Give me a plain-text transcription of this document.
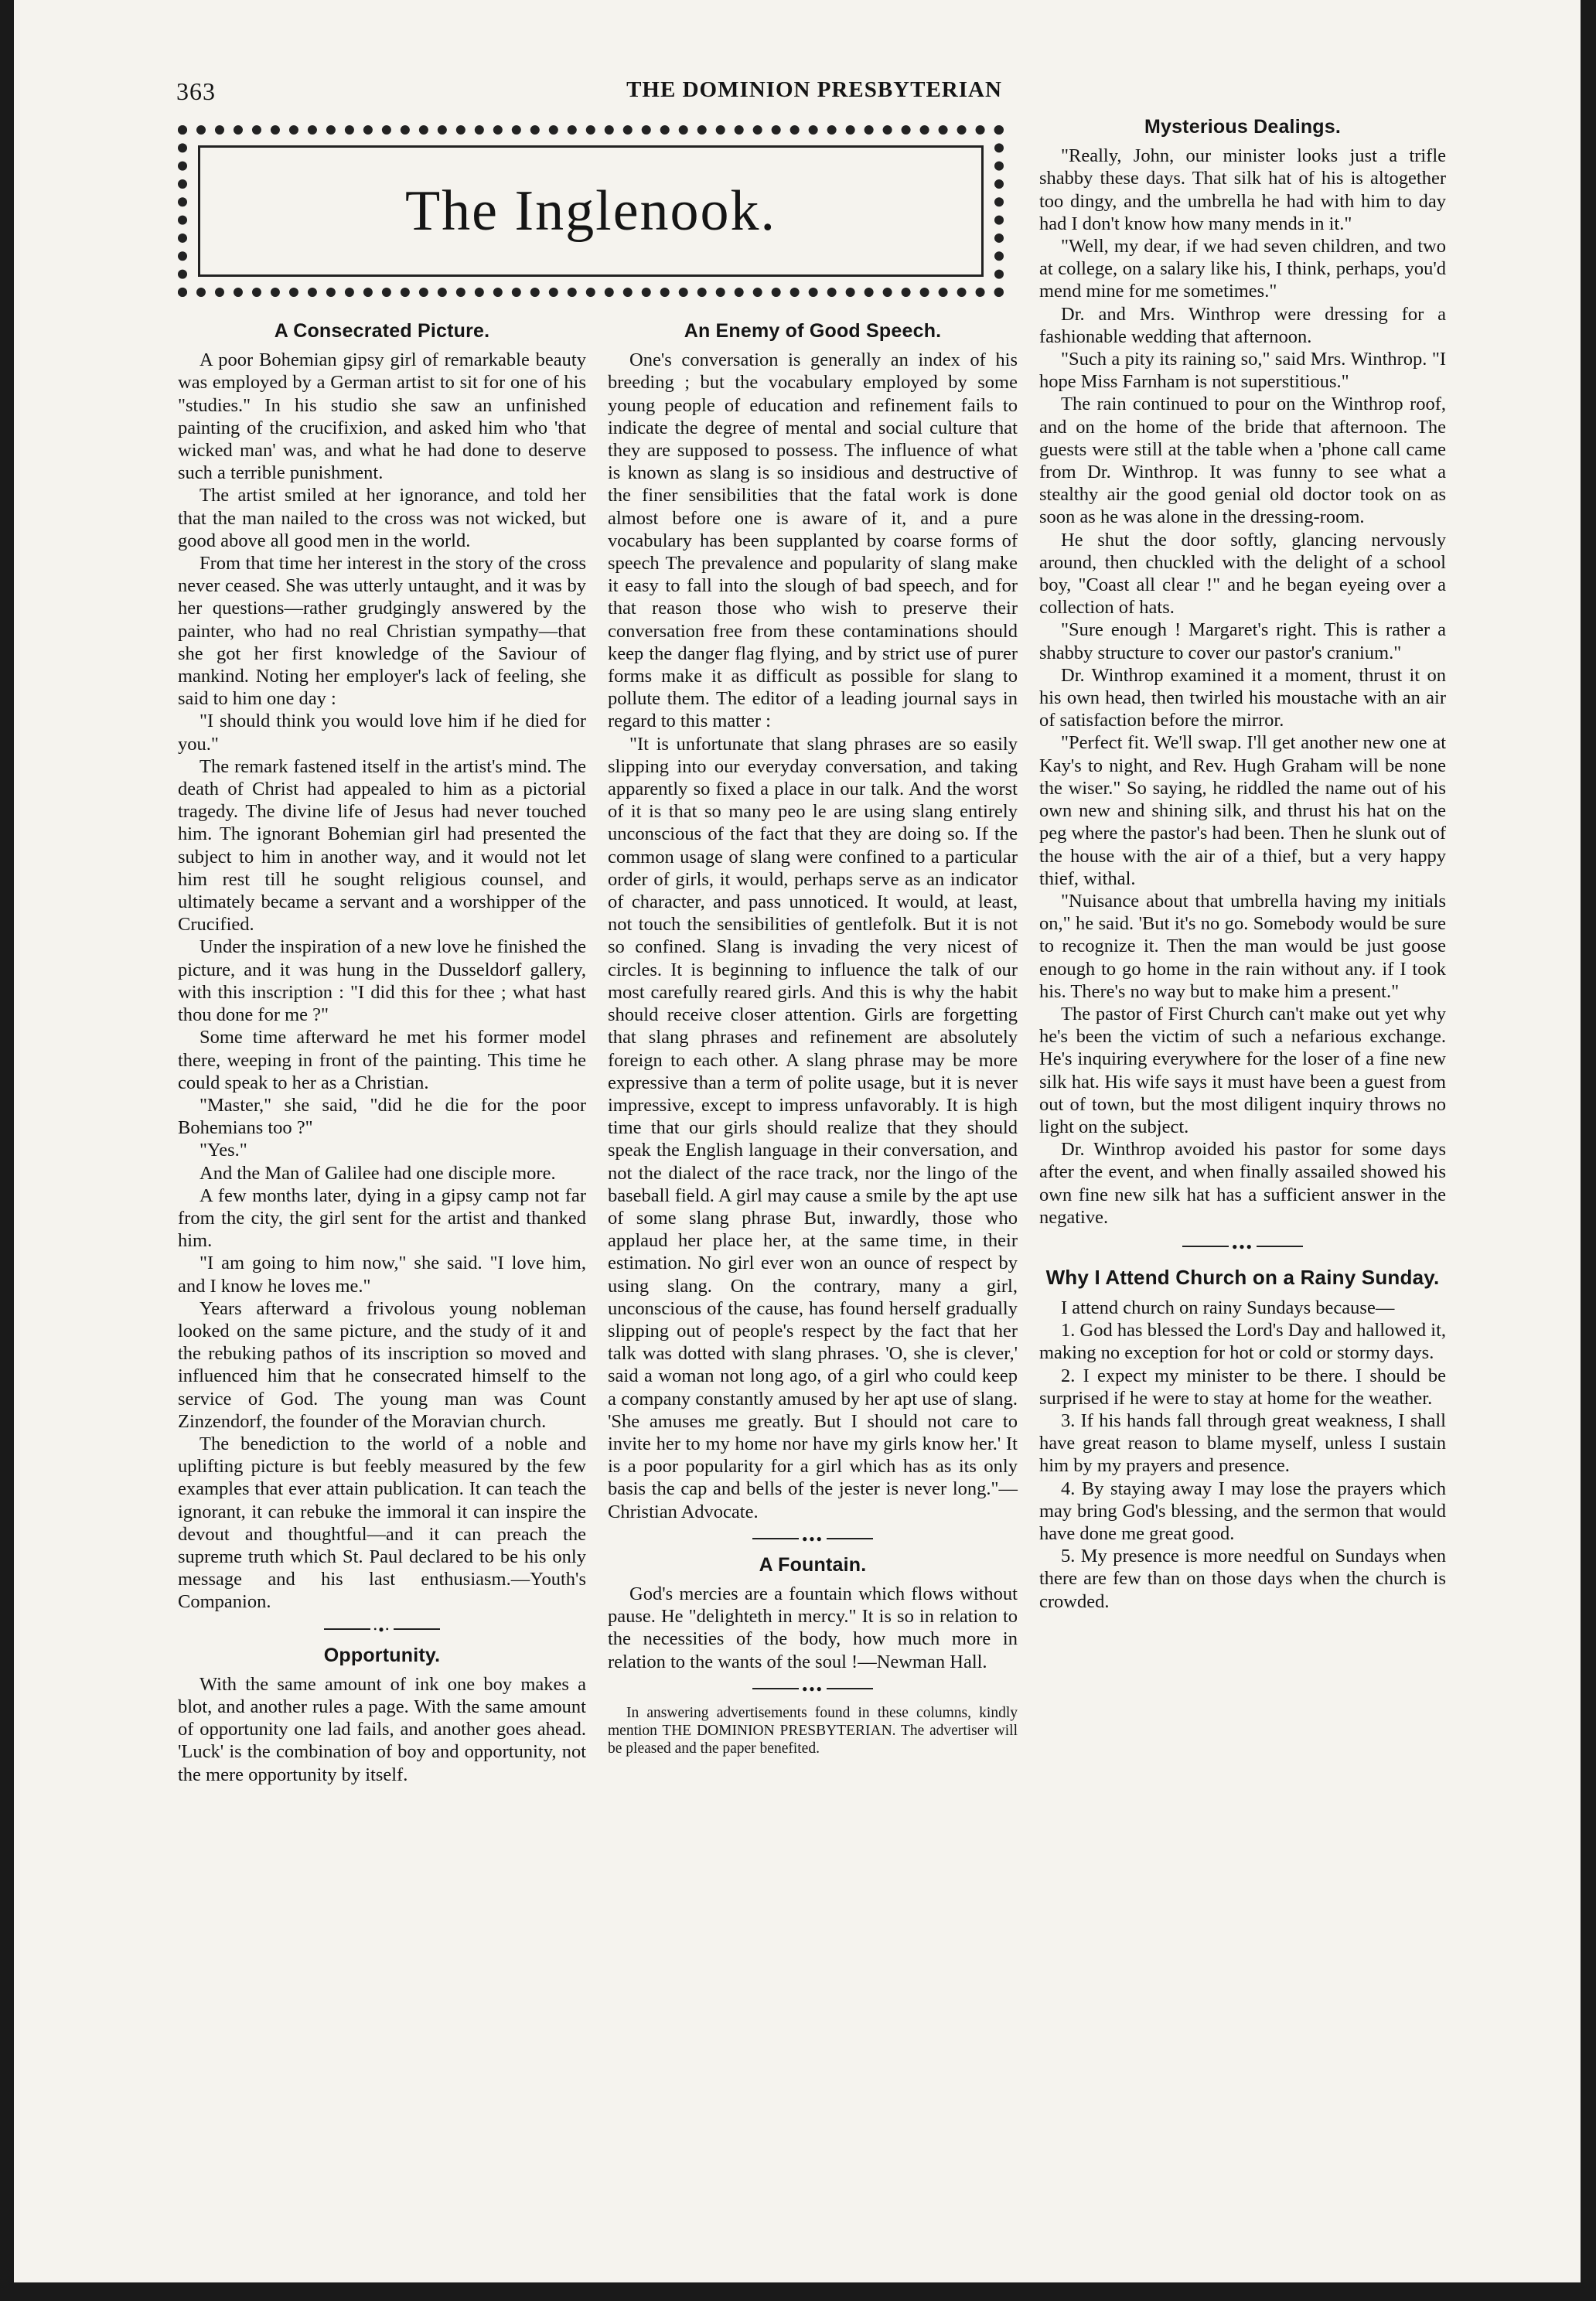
363	THE DOMINION PRESBYTERIAN
The Inglenook.
A Consecrated Picture.

A poor Bohemian gipsy girl of remarkable beauty was employed by a German artist to sit for one of his "studies." In his studio she saw an unfinished painting of the crucifixion, and asked him who 'that wicked man' was, and what he had done to deserve such a terrible punishment.

The artist smiled at her ignorance, and told her that the man nailed to the cross was not wicked, but good above all good men in the world.

From that time her interest in the story of the cross never ceased. She was utterly untaught, and it was by her questions—rather grudgingly answered by the painter, who had no real Christian sympathy—that she got her first knowledge of the Saviour of mankind. Noting her employer's lack of feeling, she said to him one day :

"I should think you would love him if he died for you."

The remark fastened itself in the artist's mind. The death of Christ had appealed to him as a pictorial tragedy. The divine life of Jesus had never touched him. The ignorant Bohemian girl had presented the subject to him in another way, and it would not let him rest till he sought religious counsel, and ultimately became a servant and a worshipper of the Crucified.

Under the inspiration of a new love he finished the picture, and it was hung in the Dusseldorf gallery, with this inscription : "I did this for thee ; what hast thou done for me ?"

Some time afterward he met his former model there, weeping in front of the painting. This time he could speak to her as a Christian.

"Master," she said, "did he die for the poor Bohemians too ?"

"Yes."

And the Man of Galilee had one disciple more.

A few months later, dying in a gipsy camp not far from the city, the girl sent for the artist and thanked him.

"I am going to him now," she said. "I love him, and I know he loves me."

Years afterward a frivolous young nobleman looked on the same picture, and the study of it and the rebuking pathos of its inscription so moved and influenced him that he consecrated himself to the service of God. The young man was Count Zinzendorf, the founder of the Moravian church.

The benediction to the world of a noble and uplifting picture is but feebly measured by the few examples that ever attain publication. It can teach the ignorant, it can rebuke the immoral it can inspire the devout and thoughtful—and it can preach the supreme truth which St. Paul declared to be his only message and his last enthusiasm.—Youth's Companion.

•●•
Opportunity.

With the same amount of ink one boy makes a blot, and another rules a page. With the same amount of opportunity one lad fails, and another goes ahead. 'Luck' is the combination of boy and opportunity, not the mere opportunity by itself.

An Enemy of Good Speech.

One's conversation is generally an index of his breeding ; but the vocabulary employed by some young people of education and refinement fails to indicate the degree of mental and social culture that they are supposed to possess. The influence of what is known as slang is so insidious and destructive of the finer sensibilities that the fatal work is done almost before one is aware of it, and a pure vocabulary has been supplanted by coarse forms of speech The prevalence and popularity of slang make it easy to fall into the slough of bad speech, and for that reason those who wish to preserve their conversation free from these contaminations should keep the danger flag flying, and by strict use of purer forms make it as difficult as possible for slang to pollute them. The editor of a leading journal says in regard to this matter :

"It is unfortunate that slang phrases are so easily slipping into our everyday conversation, and taking apparently so fixed a place in our talk. And the worst of it is that so many peo le are using slang entirely unconscious of the fact that they are doing so. If the common usage of slang were confined to a particular order of girls, it would, perhaps serve as an indicator of character, and pass unnoticed. It would, at least, not touch the sensibilities of gentlefolk. But it is not so confined. Slang is invading the very nicest of circles. It is beginning to influence the talk of our most carefully reared girls. And this is why the habit should receive closer attention. Girls are forgetting that slang phrases and refinement are absolutely foreign to each other. A slang phrase may be more expressive than a term of polite usage, but it is never impressive, except to impress unfavorably. It is high time that our girls should realize that they should speak the English language in their conversation, and not the dialect of the race track, nor the lingo of the baseball field. A girl may cause a smile by the apt use of some slang phrase But, inwardly, those who applaud her place her, at the same time, in their estimation. No girl ever won an ounce of respect by using slang. On the contrary, many a girl, unconscious of the cause, has found herself gradually slipping out of people's respect by the fact that her talk was dotted with slang phrases. 'O, she is clever,' said a woman not long ago, of a girl who could keep a company constantly amused by her apt use of slang. 'She amuses me greatly. But I should not care to invite her to my home nor have my girls know her.' It is a poor popularity for a girl which has as its only basis the cap and bells of the jester is never long."—Christian Advocate.

●●●
A Fountain.

God's mercies are a fountain which flows without pause. He "delighteth in mercy." It is so in relation to the necessities of the body, how much more in relation to the wants of the soul !—Newman Hall.

●●●

In answering advertisements found in these columns, kindly mention THE DOMINION PRESBYTERIAN. The advertiser will be pleased and the paper benefited.

Mysterious Dealings.

"Really, John, our minister looks just a trifle shabby these days. That silk hat of his is altogether too dingy, and the umbrella he had with him to day had I don't know how many mends in it."

"Well, my dear, if we had seven children, and two at college, on a salary like his, I think, perhaps, you'd mend mine for me sometimes."

Dr. and Mrs. Winthrop were dressing for a fashionable wedding that afternoon.

"Such a pity its raining so," said Mrs. Winthrop. "I hope Miss Farnham is not superstitious."

The rain continued to pour on the Winthrop roof, and on the home of the bride that afternoon. The guests were still at the table when a 'phone call came from Dr. Winthrop. It was funny to see what a stealthy air the good genial old doctor took on as soon as he was alone in the dressing-room.

He shut the door softly, glancing nervously around, then chuckled with the delight of a school boy, "Coast all clear !" and he began eyeing over a collection of hats.

"Sure enough ! Margaret's right. This is rather a shabby structure to cover our pastor's cranium."

Dr. Winthrop examined it a moment, thrust it on his own head, then twirled his moustache with an air of satisfaction before the mirror.

"Perfect fit. We'll swap. I'll get another new one at Kay's to night, and Rev. Hugh Graham will be none the wiser." So saying, he riddled the name out of his own new and shining silk, and thrust his hat on the peg where the pastor's had been. Then he slunk out of the house with the air of a thief, but a very happy thief, withal.

"Nuisance about that umbrella having my initials on," he said. 'But it's no go. Somebody would be sure to recognize it. Then the man would be just goose enough to go home in the rain without any. if I took his. There's no way but to make him a present."

The pastor of First Church can't make out yet why he's been the victim of such a nefarious exchange. He's inquiring everywhere for the loser of a fine new silk hat. His wife says it must have been a guest from out of town, but the most diligent inquiry throws no light on the subject.

Dr. Winthrop avoided his pastor for some days after the event, and when finally assailed showed his own fine new silk hat has a sufficient answer in the negative.

●●●
Why I Attend Church on a Rainy Sunday.

I attend church on rainy Sundays because—

1. God has blessed the Lord's Day and hallowed it, making no exception for hot or cold or stormy days.

2. I expect my minister to be there. I should be surprised if he were to stay at home for the weather.

3. If his hands fall through great weakness, I shall have great reason to blame myself, unless I sustain him by my prayers and presence.

4. By staying away I may lose the prayers which may bring God's blessing, and the sermon that would have done me great good.

5. My presence is more needful on Sundays when there are few than on those days when the church is crowded.
